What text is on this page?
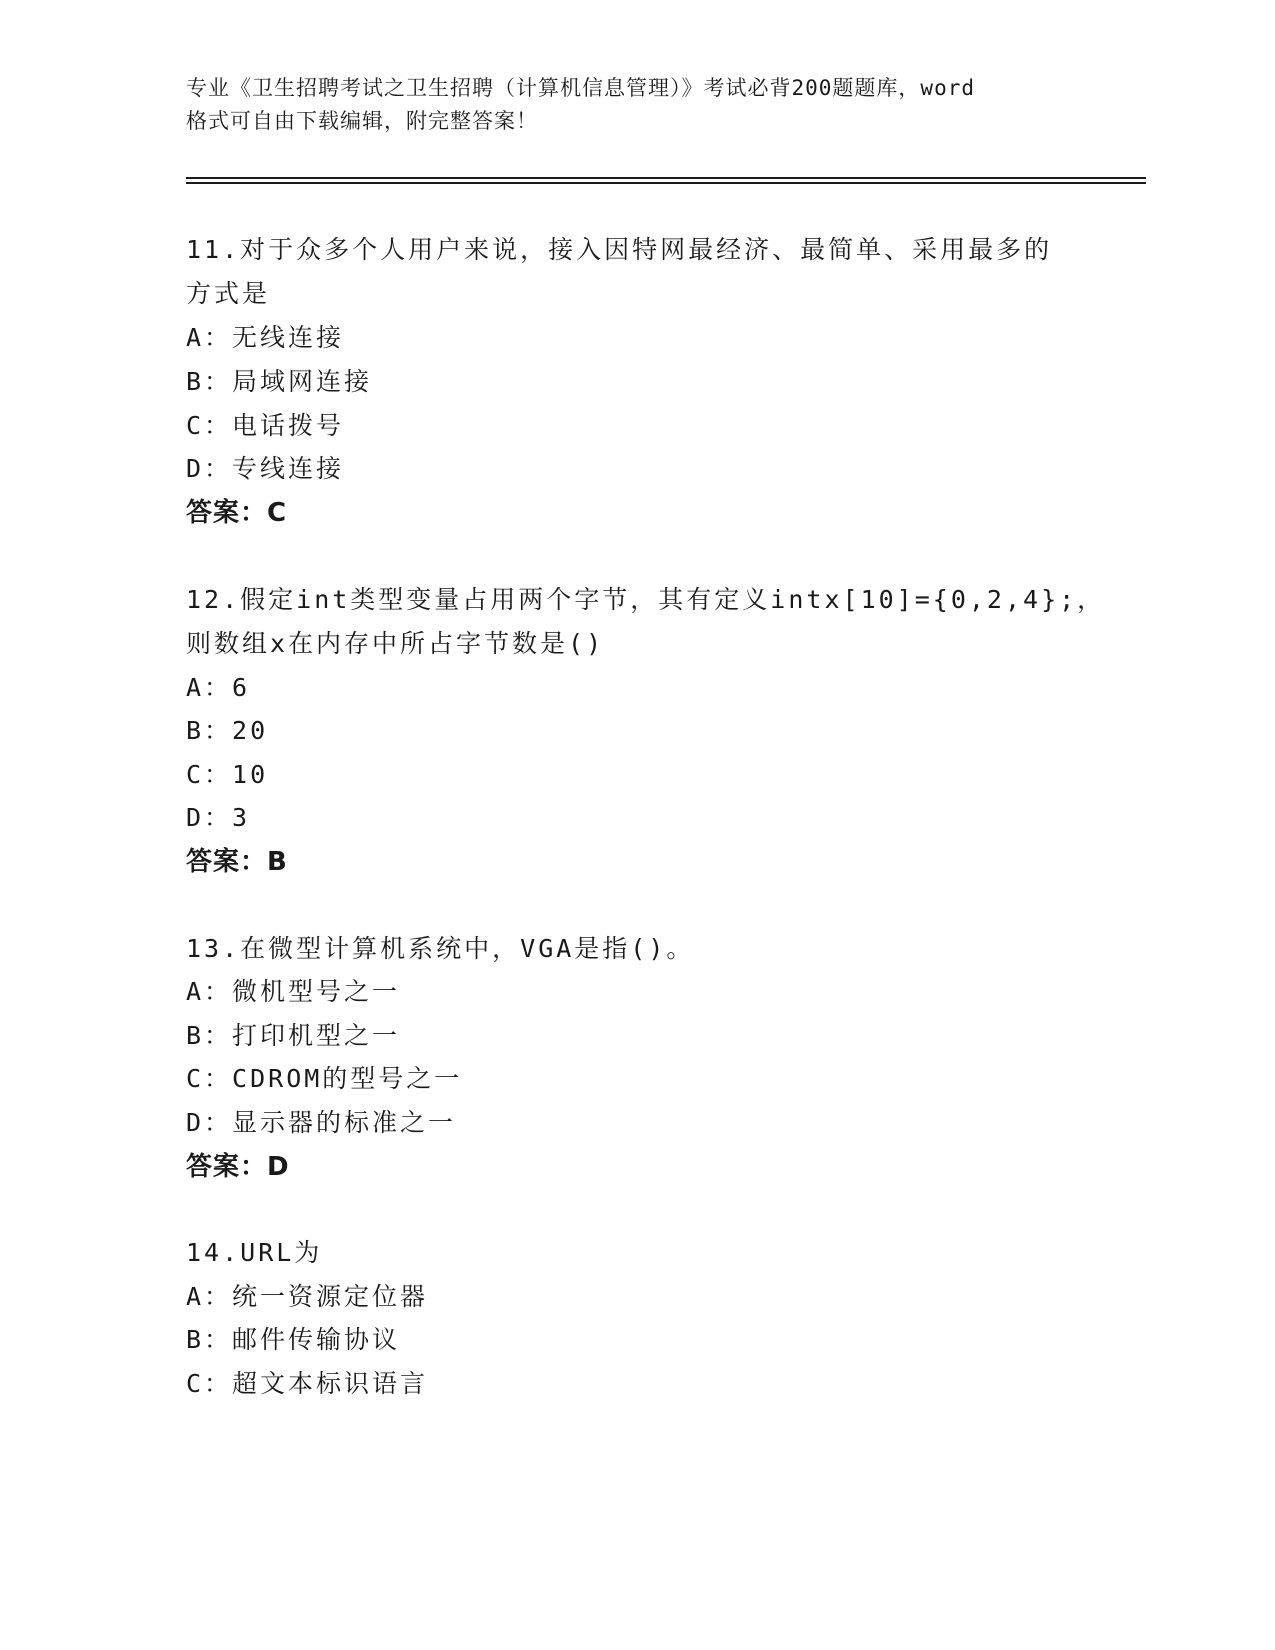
专业《卫生招聘考试之卫生招聘（计算机信息管理）》考试必背200题题库，word
格式可自由下载编辑，附完整答案！
11.对于众多个人用户来说，接入因特网最经济、最简单、采用最多的
方式是
A：无线连接
B：局域网连接
C：电话拨号
D：专线连接
答案：C
12.假定int类型变量占用两个字节，其有定义intx[10]={0,2,4};，
则数组x在内存中所占字节数是()
A：6
B：20
C：10
D：3
答案：B
13.在微型计算机系统中，VGA是指()。
A：微机型号之一
B：打印机型之一
C：CDROM的型号之一
D：显示器的标准之一
答案：D
14.URL为
A：统一资源定位器
B：邮件传输协议
C：超文本标识语言
